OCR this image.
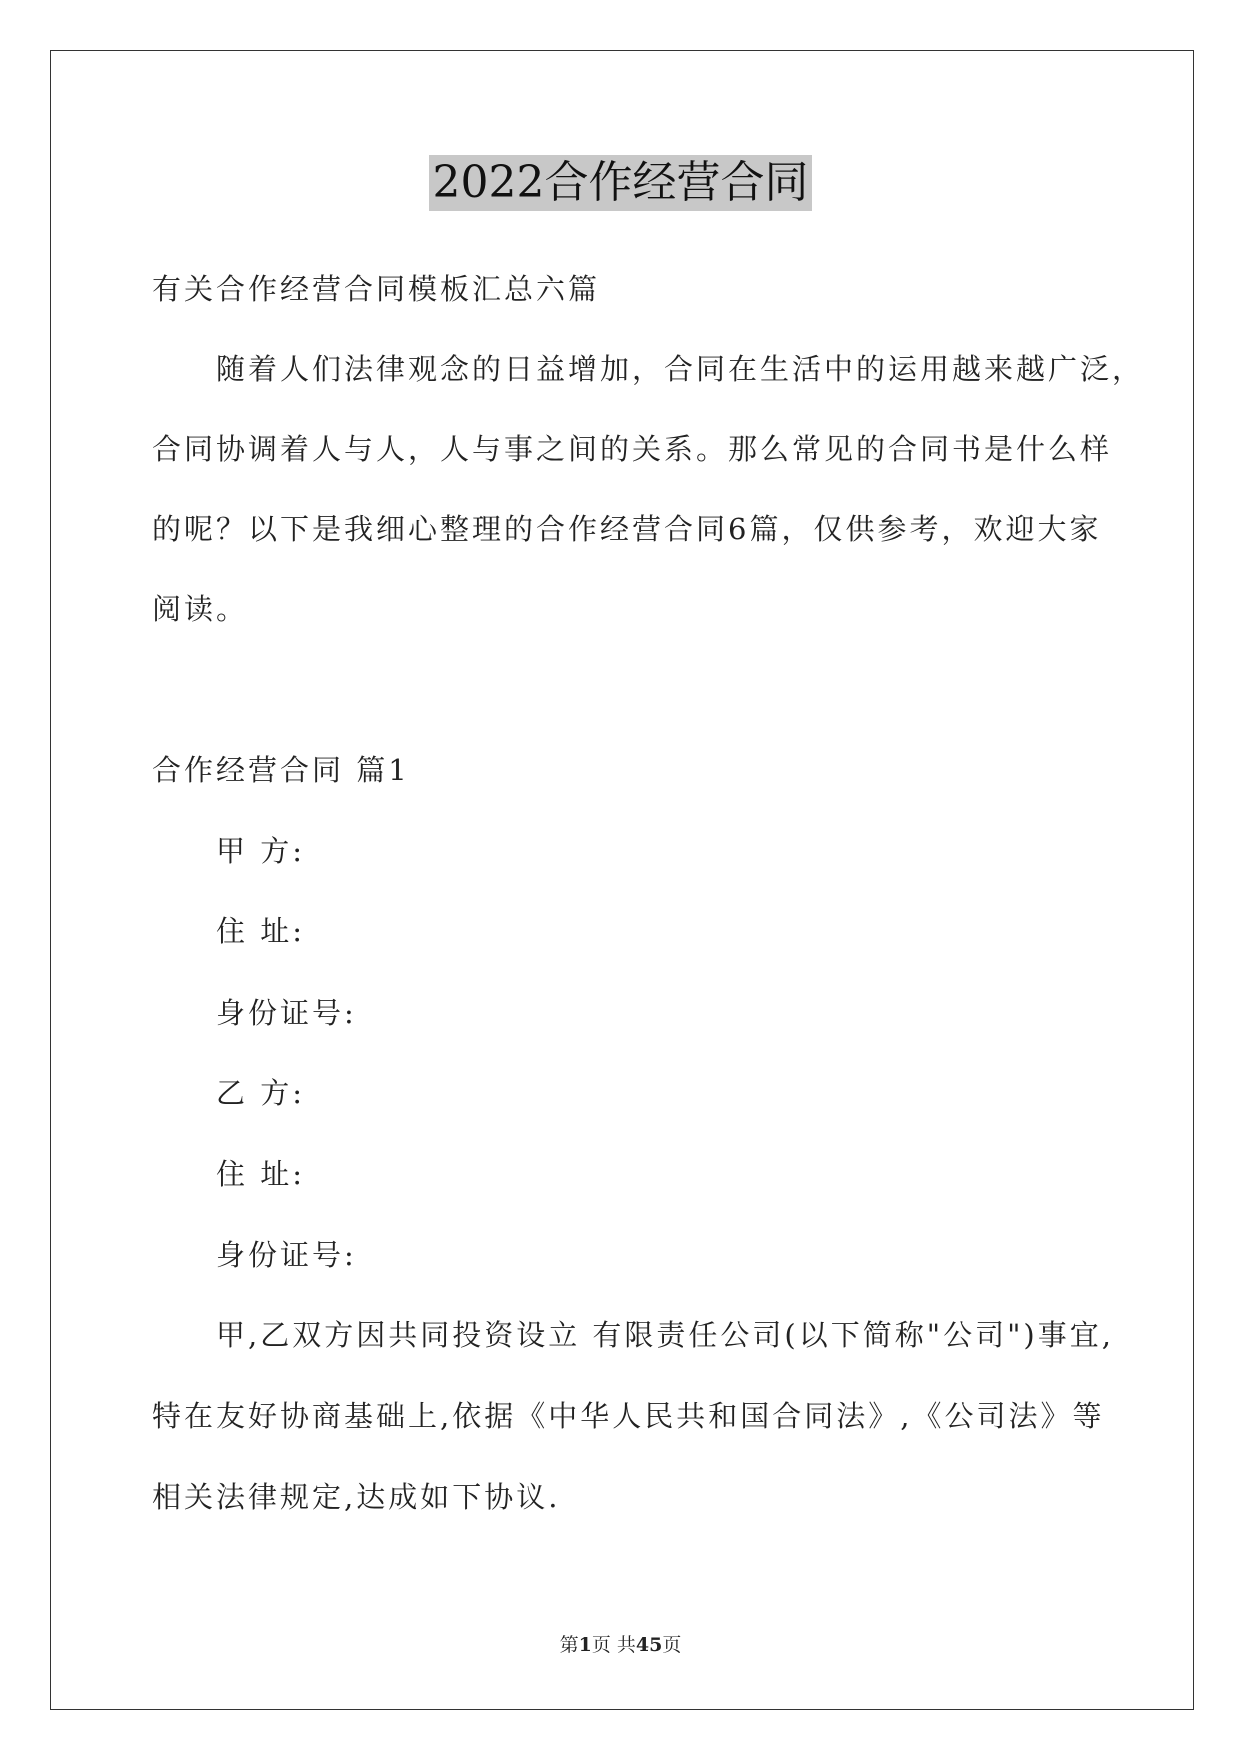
2022合作经营合同
有关合作经营合同模板汇总六篇
随着人们法律观念的日益增加，合同在生活中的运用越来越广泛，
合同协调着人与人，人与事之间的关系。那么常见的合同书是什么样
的呢？以下是我细心整理的合作经营合同6篇，仅供参考，欢迎大家
阅读。
合作经营合同 篇1
甲 方:
住 址:
身份证号:
乙 方:
住 址:
身份证号:
甲,乙双方因共同投资设立 有限责任公司(以下简称"公司")事宜,
特在友好协商基础上,依据《中华人民共和国合同法》,《公司法》等
相关法律规定,达成如下协议.
第1页 共45页
